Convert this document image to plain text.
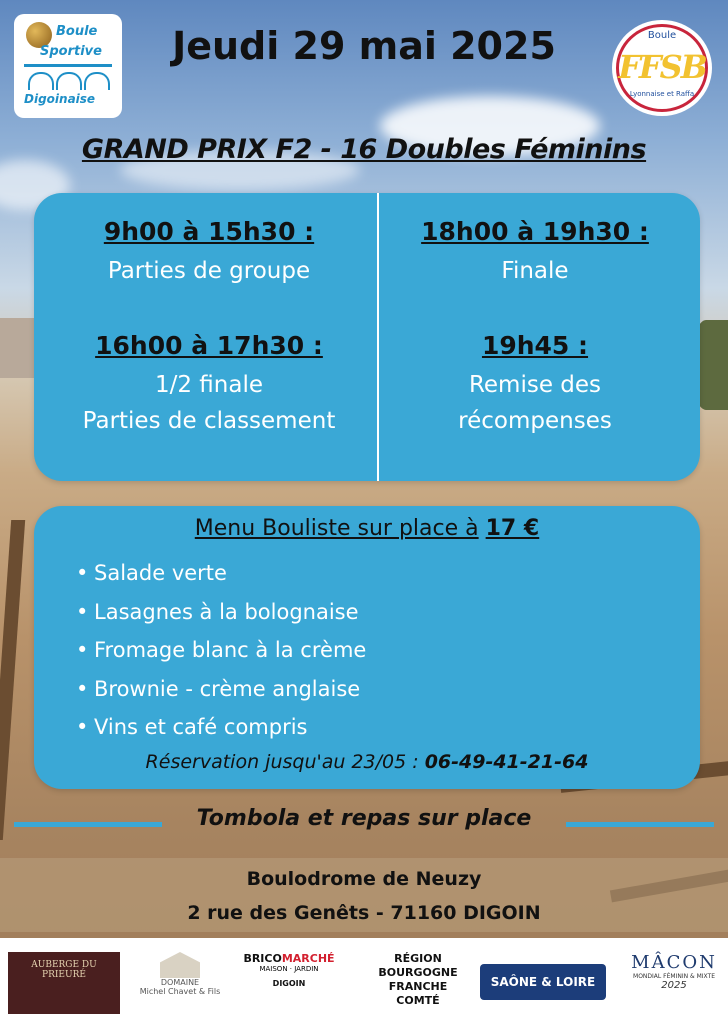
Boule
Sportive
Digoinaise
Jeudi 29 mai 2025	Boule
FFSB
Lyonnaise et Raffa
GRAND PRIX F2 - 16 Doubles Féminins
9h00 à 15h30 :
Parties de groupe
16h00 à 17h30 :
1/2 finale
Parties de classement
18h00 à 19h30 :
Finale
19h45 :
Remise des
récompenses
Menu Bouliste sur place à 17 €
• Salade verte
• Lasagnes à la bolognaise
• Fromage blanc à la crème
• Brownie - crème anglaise
• Vins et café compris
Réservation jusqu'au 23/05 : 06-49-41-21-64
Tombola et repas sur place
Boulodrome de Neuzy
2 rue des Genêts - 71160 DIGOIN
AUBERGE DU PRIEURÉ
DOMAINE
Michel Chavet & Fils
BRICOMARCHÉ
MAISON · JARDIN
DIGOIN
RÉGION
BOURGOGNE
FRANCHE
COMTÉ
SAÔNE & LOIRE
MÂCON
MONDIAL FÉMININ & MIXTE
2025
